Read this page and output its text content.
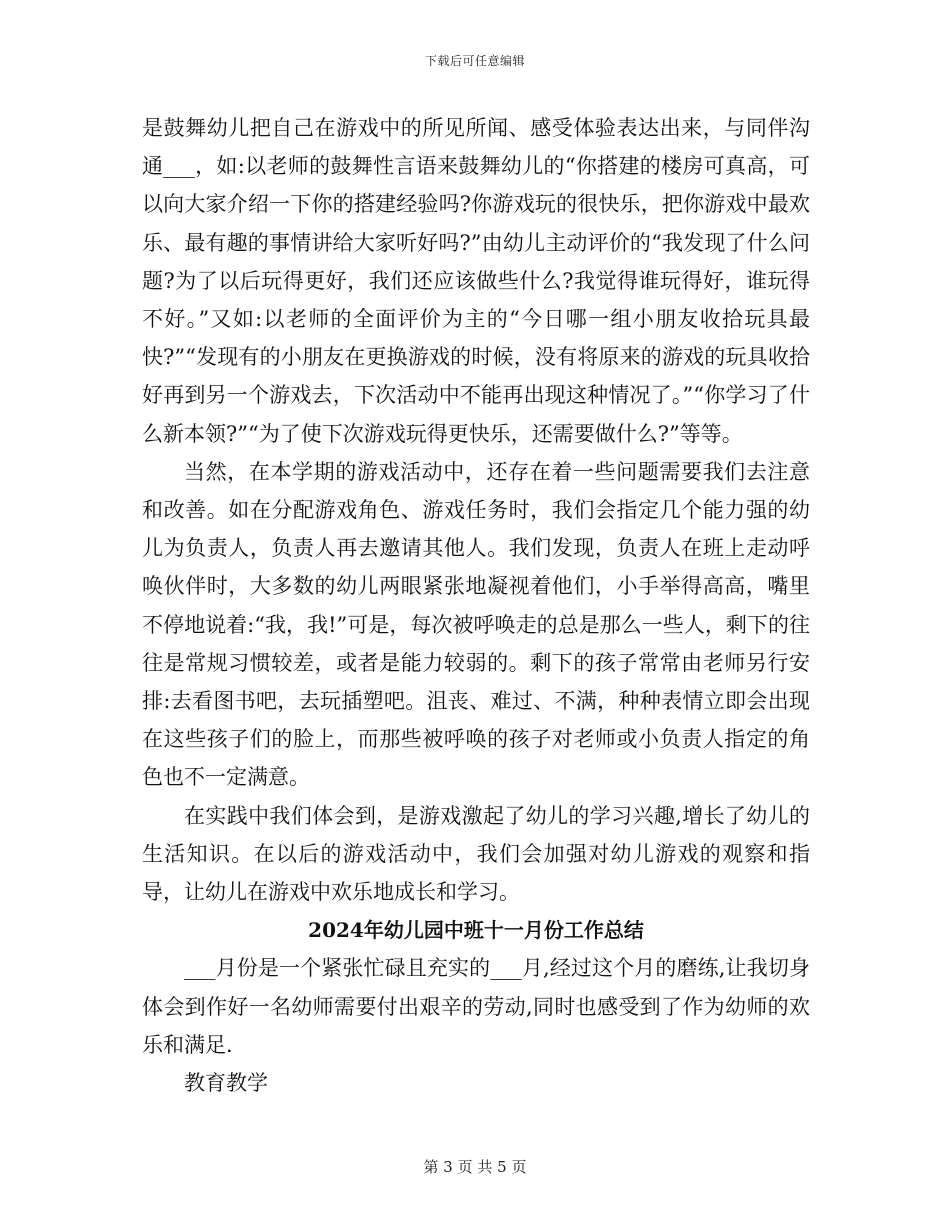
下载后可任意编辑

是鼓舞幼儿把自己在游戏中的所见所闻、感受体验表达出来，与同伴沟通___，如:以老师的鼓舞性言语来鼓舞幼儿的“你搭建的楼房可真高，可以向大家介绍一下你的搭建经验吗?你游戏玩的很快乐，把你游戏中最欢乐、最有趣的事情讲给大家听好吗?”由幼儿主动评价的“我发现了什么问题?为了以后玩得更好，我们还应该做些什么?我觉得谁玩得好，谁玩得不好。”又如:以老师的全面评价为主的“今日哪一组小朋友收拾玩具最快?”“发现有的小朋友在更换游戏的时候，没有将原来的游戏的玩具收拾好再到另一个游戏去，下次活动中不能再出现这种情况了。”“你学习了什么新本领?”“为了使下次游戏玩得更快乐，还需要做什么?”等等。

当然，在本学期的游戏活动中，还存在着一些问题需要我们去注意和改善。如在分配游戏角色、游戏任务时，我们会指定几个能力强的幼儿为负责人，负责人再去邀请其他人。我们发现，负责人在班上走动呼唤伙伴时，大多数的幼儿两眼紧张地凝视着他们，小手举得高高，嘴里不停地说着:“我，我!”可是，每次被呼唤走的总是那么一些人，剩下的往往是常规习惯较差，或者是能力较弱的。剩下的孩子常常由老师另行安排:去看图书吧，去玩插塑吧。沮丧、难过、不满，种种表情立即会出现在这些孩子们的脸上，而那些被呼唤的孩子对老师或小负责人指定的角色也不一定满意。

在实践中我们体会到，是游戏激起了幼儿的学习兴趣,增长了幼儿的生活知识。在以后的游戏活动中，我们会加强对幼儿游戏的观察和指导，让幼儿在游戏中欢乐地成长和学习。

2024年幼儿园中班十一月份工作总结

___月份是一个紧张忙碌且充实的___月,经过这个月的磨练,让我切身体会到作好一名幼师需要付出艰辛的劳动,同时也感受到了作为幼师的欢乐和满足.

教育教学

第 3 页 共 5 页
